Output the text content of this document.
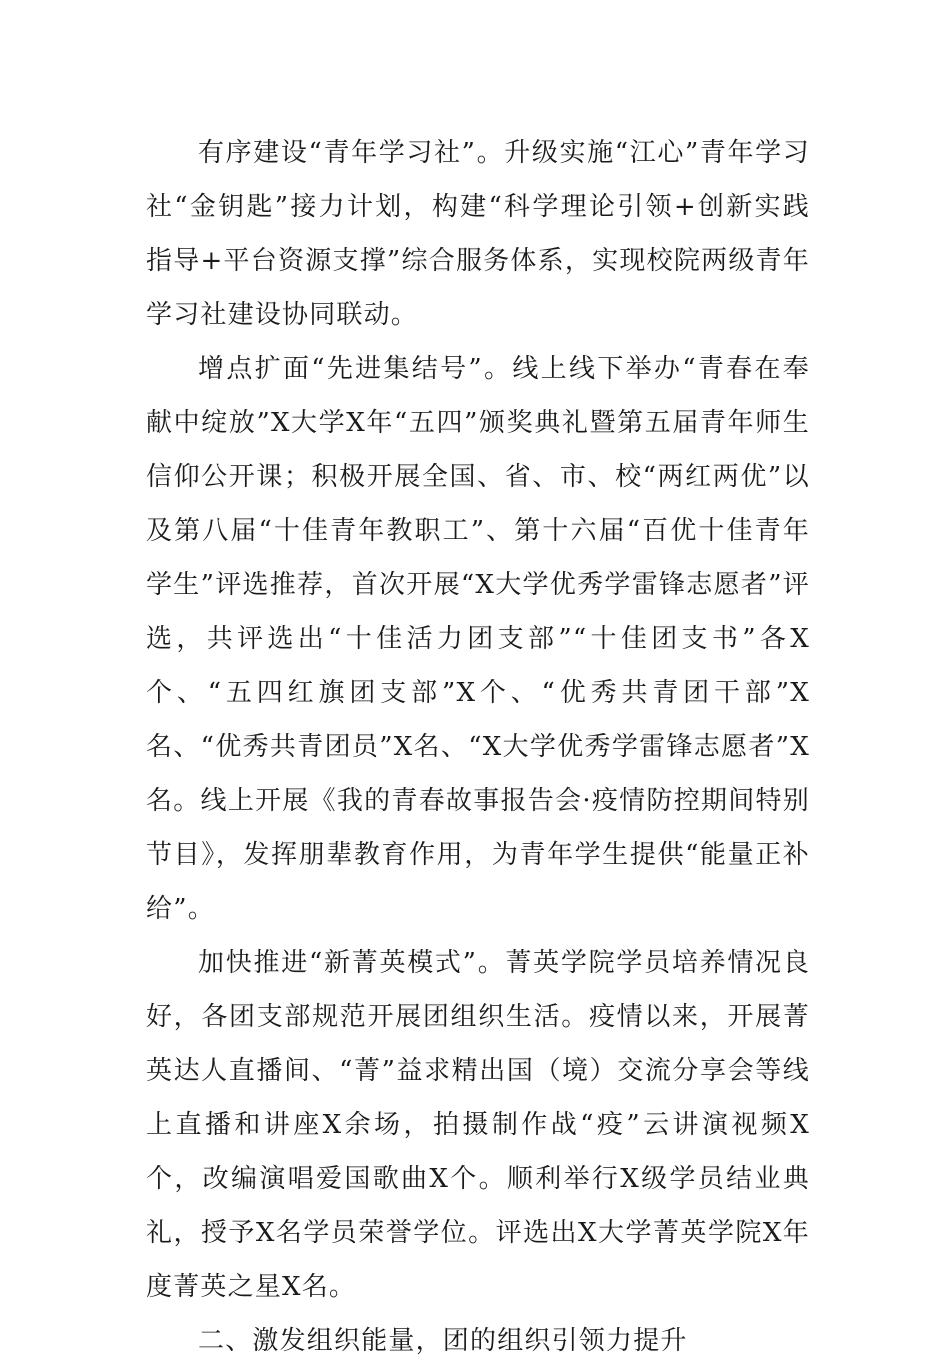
有序建设“青年学习社”。升级实施“江心”青年学习社“金钥匙”接力计划，构建“科学理论引领+创新实践指导+平台资源支撑”综合服务体系，实现校院两级青年学习社建设协同联动。

增点扩面“先进集结号”。线上线下举办“青春在奉献中绽放”X大学X年“五四”颁奖典礼暨第五届青年师生信仰公开课；积极开展全国、省、市、校“两红两优”以及第八届“十佳青年教职工”、第十六届“百优十佳青年学生”评选推荐，首次开展“X大学优秀学雷锋志愿者”评选，共评选出“十佳活力团支部”“十佳团支书”各X个、“五四红旗团支部”X个、“优秀共青团干部”X名、“优秀共青团员”X名、“X大学优秀学雷锋志愿者”X名。线上开展《我的青春故事报告会·疫情防控期间特别节目》，发挥朋辈教育作用，为青年学生提供“能量正补给”。

加快推进“新菁英模式”。菁英学院学员培养情况良好，各团支部规范开展团组织生活。疫情以来，开展菁英达人直播间、“菁”益求精出国（境）交流分享会等线上直播和讲座X余场，拍摄制作战“疫”云讲演视频X个，改编演唱爱国歌曲X个。顺利举行X级学员结业典礼，授予X名学员荣誉学位。评选出X大学菁英学院X年度菁英之星X名。

二、激发组织能量，团的组织引领力提升
